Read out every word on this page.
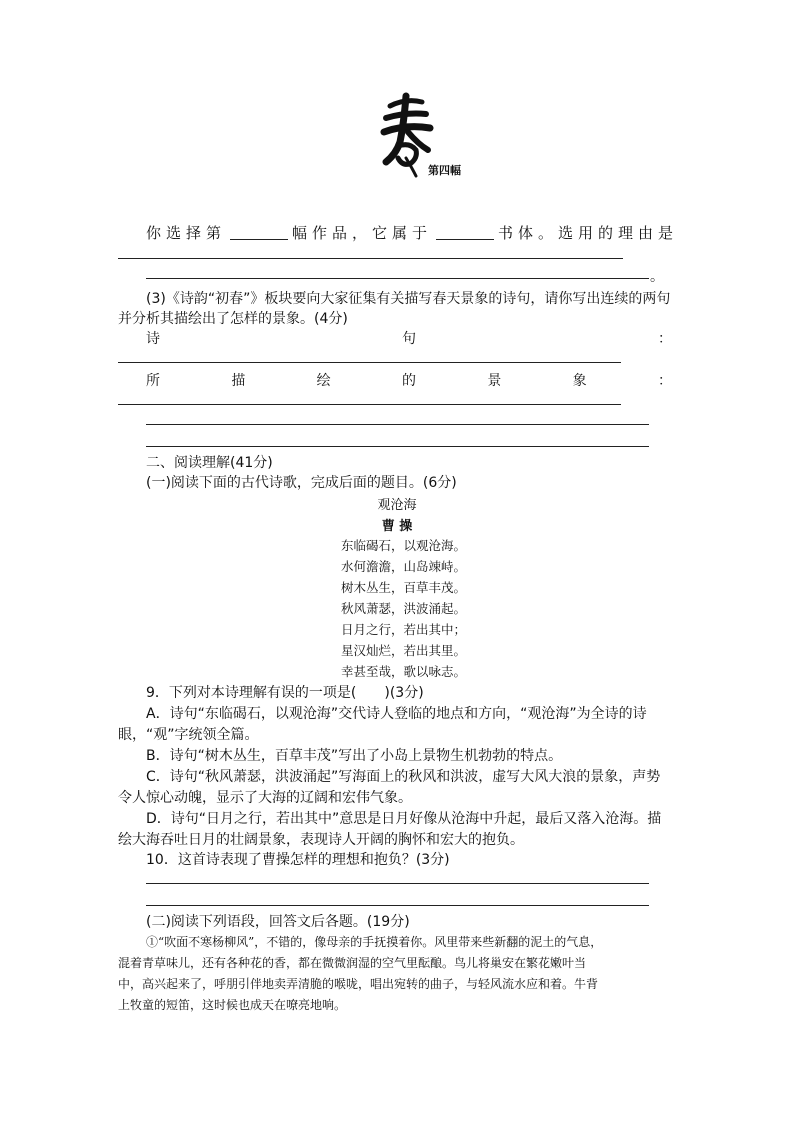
第四幅
你选择第	幅作品，它属于	书体。选用的理由是
。
(3)《诗韵“初春”》板块要向大家征集有关描写春天景象的诗句，请你写出连续的两句
并分析其描绘出了怎样的景象。(4分)
诗	句	：
所	描	绘	的	景	象	：
二、阅读理解(41分)
(一)阅读下面的古代诗歌，完成后面的题目。(6分)
观沧海
曹 操
东临碣石，以观沧海。
水何澹澹，山岛竦峙。
树木丛生，百草丰茂。
秋风萧瑟，洪波涌起。
日月之行，若出其中；
星汉灿烂，若出其里。
幸甚至哉，歌以咏志。
9．下列对本诗理解有误的一项是(　　)(3分)
A．诗句“东临碣石，以观沧海”交代诗人登临的地点和方向，“观沧海”为全诗的诗
眼，“观”字统领全篇。
B．诗句“树木丛生，百草丰茂”写出了小岛上景物生机勃勃的特点。
C．诗句“秋风萧瑟，洪波涌起”写海面上的秋风和洪波，虚写大风大浪的景象，声势
令人惊心动魄，显示了大海的辽阔和宏伟气象。
D．诗句“日月之行，若出其中”意思是日月好像从沧海中升起，最后又落入沧海。描
绘大海吞吐日月的壮阔景象，表现诗人开阔的胸怀和宏大的抱负。
10．这首诗表现了曹操怎样的理想和抱负？(3分)
(二)阅读下列语段，回答文后各题。(19分)
①“吹面不寒杨柳风”，不错的，像母亲的手抚摸着你。风里带来些新翻的泥土的气息，
混着青草味儿，还有各种花的香，都在微微润湿的空气里酝酿。鸟儿将巢安在繁花嫩叶当
中，高兴起来了，呼朋引伴地卖弄清脆的喉咙，唱出宛转的曲子，与轻风流水应和着。牛背
上牧童的短笛，这时候也成天在嘹亮地响。
